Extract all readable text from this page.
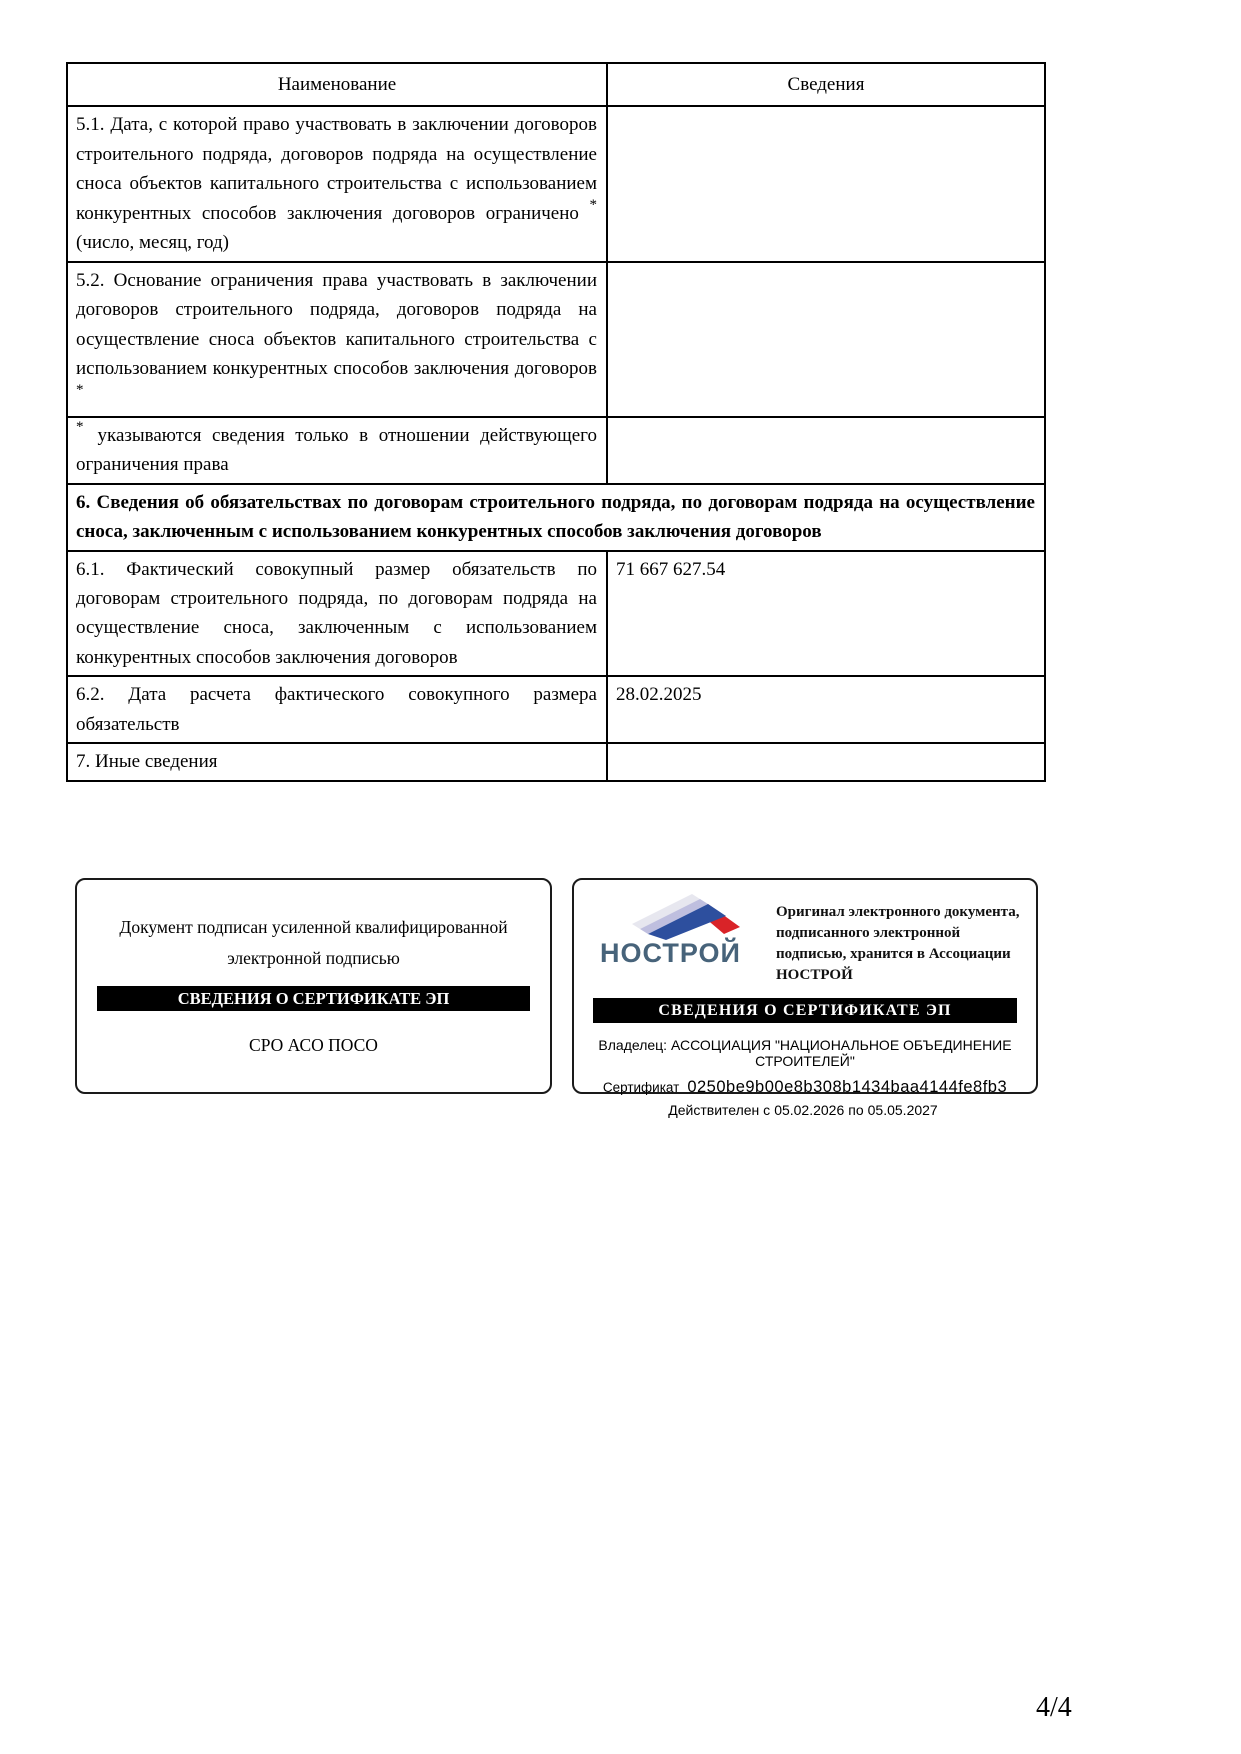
Наименование	Сведения
5.1. Дата, с которой право участвовать в заключении договоров строительного подряда, договоров подряда на осуществление сноса объектов капитального строительства с использованием конкурентных способов заключения договоров ограничено * (число, месяц, год)	
5.2. Основание ограничения права участвовать в заключении договоров строительного подряда, договоров подряда на осуществление сноса объектов капитального строительства с использованием конкурентных способов заключения договоров *	
* указываются сведения только в отношении действующего ограничения права	
6. Сведения об обязательствах по договорам строительного подряда, по договорам подряда на осуществление сноса, заключенным с использованием конкурентных способов заключения договоров	
6.1. Фактический совокупный размер обязательств по договорам строительного подряда, по договорам подряда на осуществление сноса, заключенным с использованием конкурентных способов заключения договоров	71 667 627.54
6.2. Дата расчета фактического совокупного размера обязательств	28.02.2025
7. Иные сведения	
Документ подписан усиленной квалифицированной электронной подписью
СВЕДЕНИЯ О СЕРТИФИКАТЕ ЭП
СРО АСО ПОСО
НОСТРОЙ
Оригинал электронного документа, подписанного электронной подписью, хранится в Ассоциации НОСТРОЙ
СВЕДЕНИЯ О СЕРТИФИКАТЕ ЭП
Владелец: АССОЦИАЦИЯ "НАЦИОНАЛЬНОЕ ОБЪЕДИНЕНИЕ СТРОИТЕЛЕЙ"
Сертификат 0250be9b00e8b308b1434baa4144fe8fb3
Действителен с 05.02.2026 по 05.05.2027
4/4
